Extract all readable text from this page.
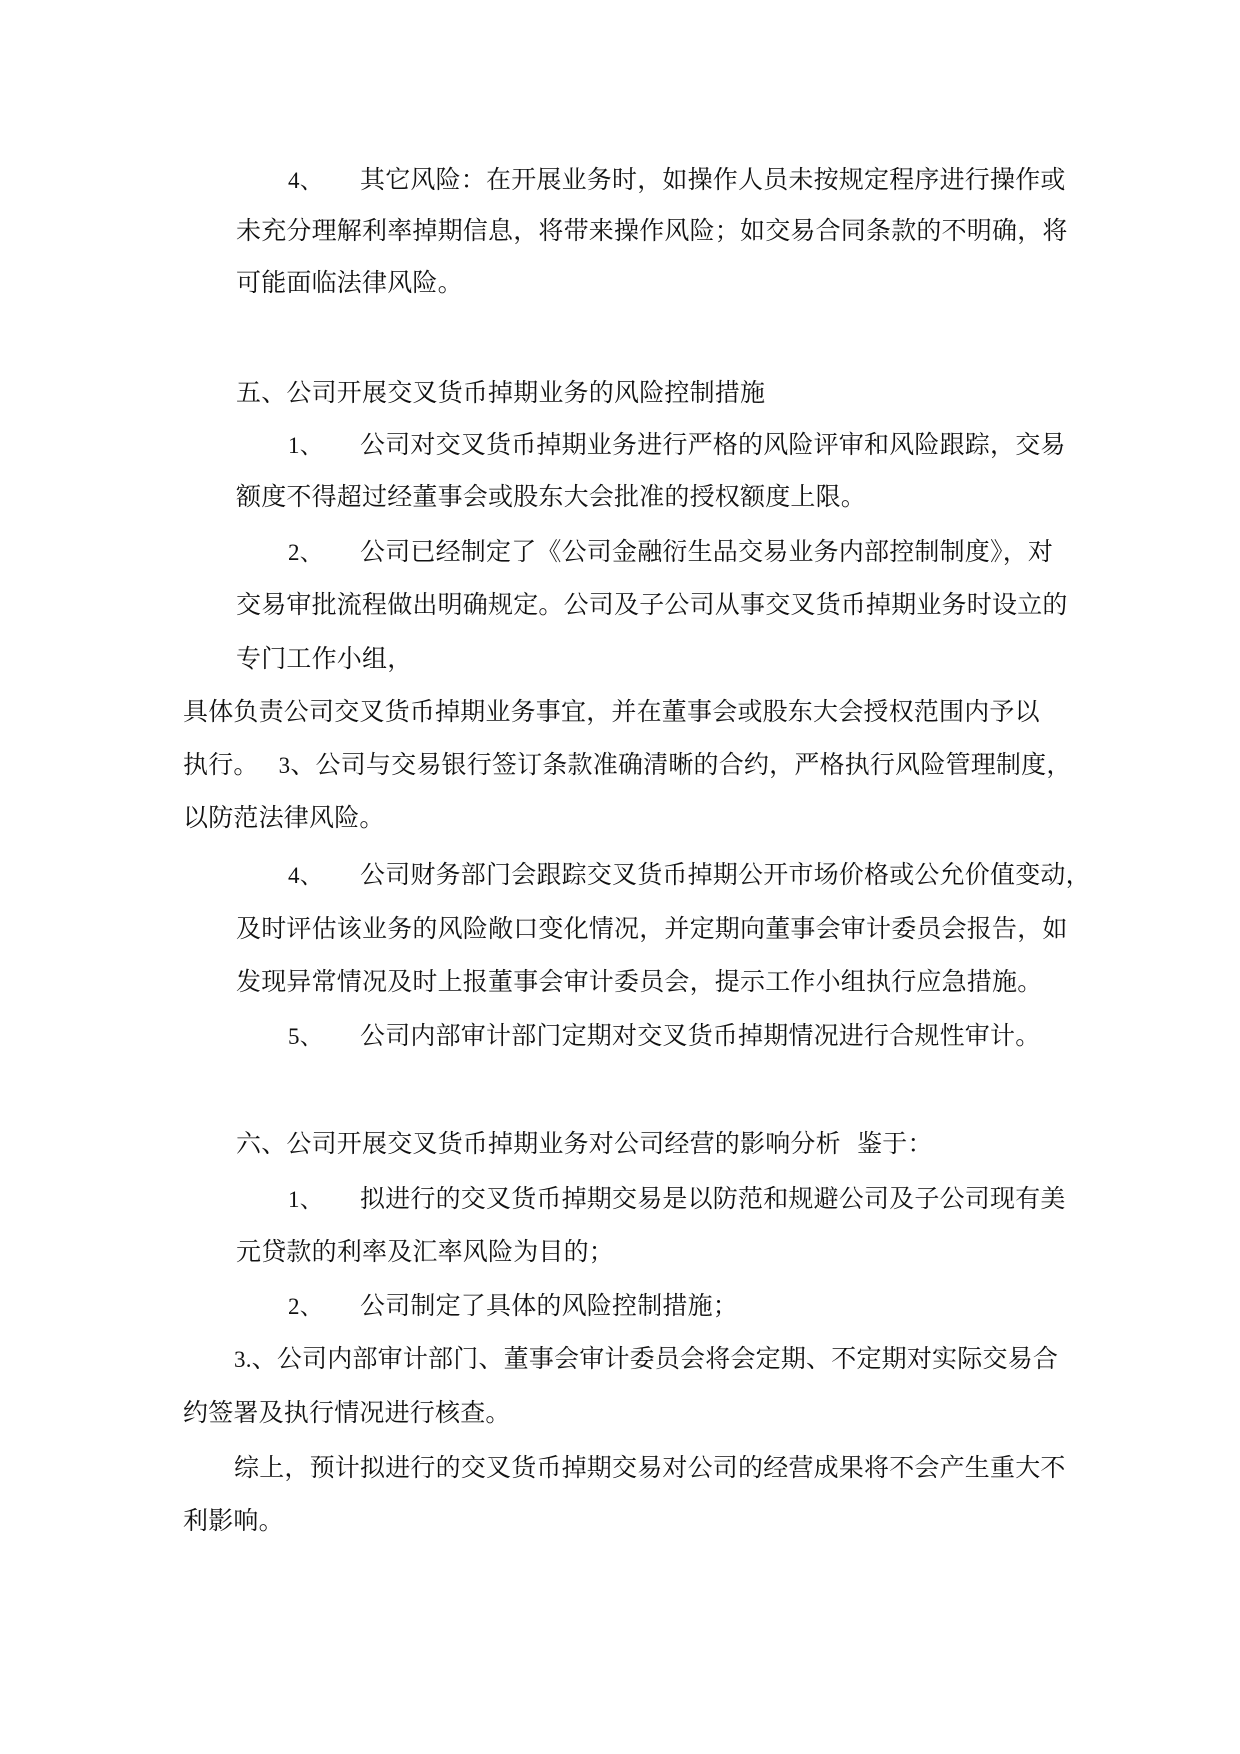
4、 其它风险：在开展业务时，如操作人员未按规定程序进行操作或
未充分理解利率掉期信息，将带来操作风险；如交易合同条款的不明确，将
可能面临法律风险。
五、公司开展交叉货币掉期业务的风险控制措施
1、 公司对交叉货币掉期业务进行严格的风险评审和风险跟踪，交易
额度不得超过经董事会或股东大会批准的授权额度上限。
2、 公司已经制定了《公司金融衍生品交易业务内部控制制度》，对
交易审批流程做出明确规定。公司及子公司从事交叉货币掉期业务时设立的
专门工作小组，
具体负责公司交叉货币掉期业务事宜，并在董事会或股东大会授权范围内予以
执行。 3、公司与交易银行签订条款准确清晰的合约，严格执行风险管理制度，
以防范法律风险。
4、 公司财务部门会跟踪交叉货币掉期公开市场价格或公允价值变动，
及时评估该业务的风险敞口变化情况，并定期向董事会审计委员会报告，如
发现异常情况及时上报董事会审计委员会，提示工作小组执行应急措施。
5、 公司内部审计部门定期对交叉货币掉期情况进行合规性审计。
六、公司开展交叉货币掉期业务对公司经营的影响分析  鉴于：
1、 拟进行的交叉货币掉期交易是以防范和规避公司及子公司现有美
元贷款的利率及汇率风险为目的；
2、 公司制定了具体的风险控制措施；
3.、公司内部审计部门、董事会审计委员会将会定期、不定期对实际交易合
约签署及执行情况进行核查。
综上，预计拟进行的交叉货币掉期交易对公司的经营成果将不会产生重大不
利影响。
